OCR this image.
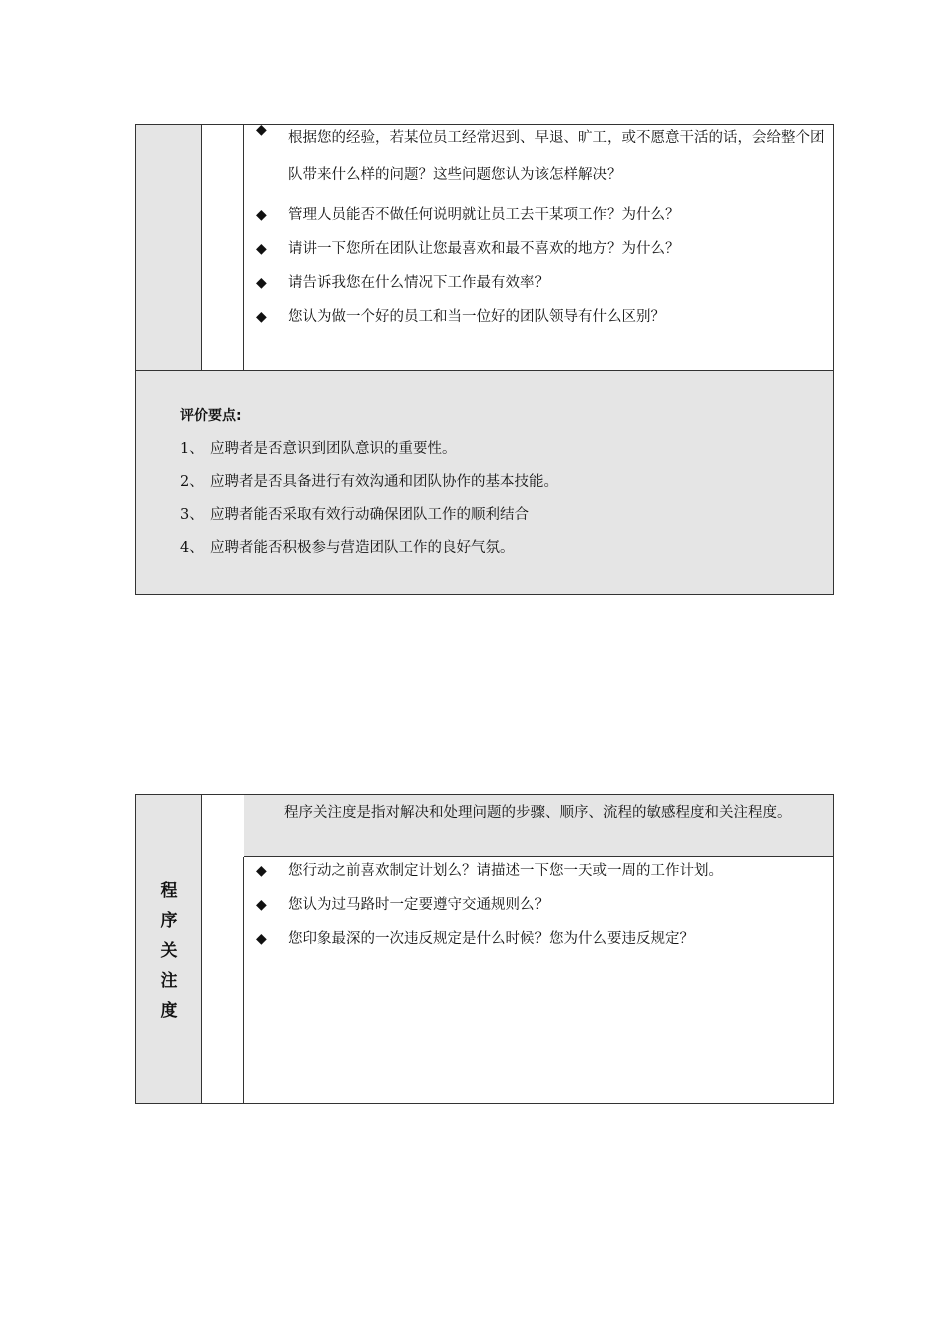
◆ 根据您的经验，若某位员工经常迟到、早退、旷工，或不愿意干活的话，会给整个团队带来什么样的问题？这些问题您认为该怎样解决？
◆ 管理人员能否不做任何说明就让员工去干某项工作？为什么？
◆ 请讲一下您所在团队让您最喜欢和最不喜欢的地方？为什么？
◆ 请告诉我您在什么情况下工作最有效率？
◆ 您认为做一个好的员工和当一位好的团队领导有什么区别？
评价要点:
1、 应聘者是否意识到团队意识的重要性。
2、 应聘者是否具备进行有效沟通和团队协作的基本技能。
3、 应聘者能否采取有效行动确保团队工作的顺利结合
4、 应聘者能否积极参与营造团队工作的良好气氛。
程
序
关
注
度
程序关注度是指对解决和处理问题的步骤、顺序、流程的敏感程度和关注程度。
◆ 您行动之前喜欢制定计划么？请描述一下您一天或一周的工作计划。
◆ 您认为过马路时一定要遵守交通规则么？
◆ 您印象最深的一次违反规定是什么时候？您为什么要违反规定？
